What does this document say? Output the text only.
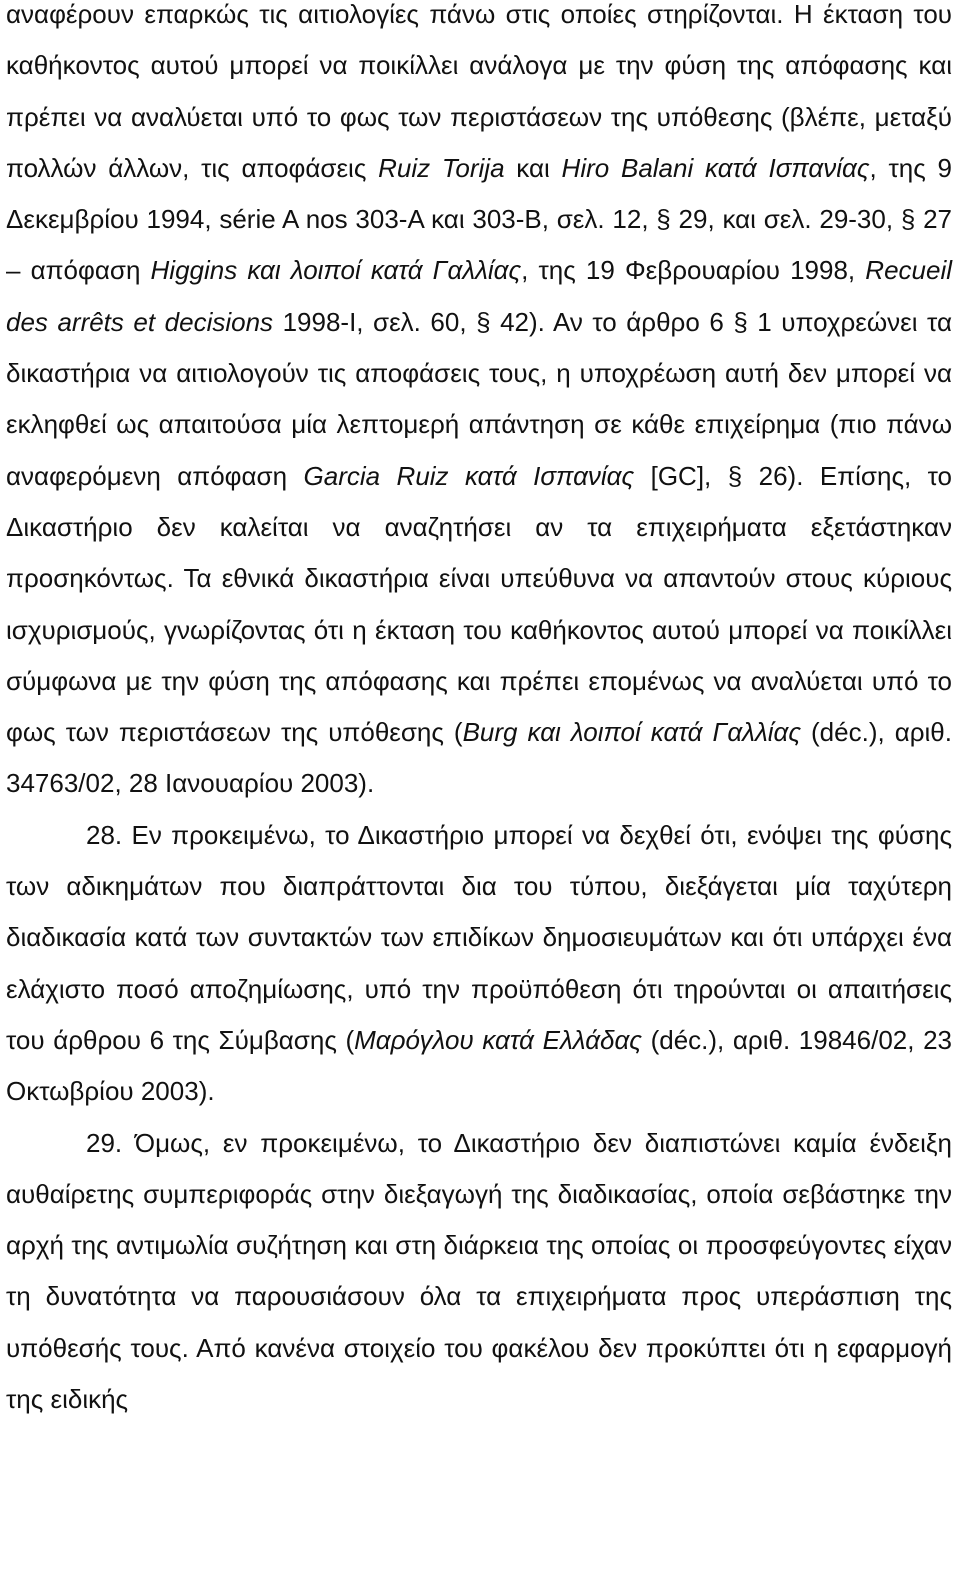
αναφέρουν επαρκώς τις αιτιολογίες πάνω στις οποίες στηρίζονται. Η έκταση του καθήκοντος αυτού μπορεί να ποικίλλει ανάλογα με την φύση της απόφασης και πρέπει να αναλύεται υπό το φως των περιστάσεων της υπόθεσης (βλέπε, μεταξύ πολλών άλλων, τις αποφάσεις Ruiz Torija και Hiro Balani κατά Ισπανίας, της 9 Δεκεμβρίου 1994, série A nos 303-A και 303-B, σελ. 12, § 29, και σελ. 29-30, § 27 – απόφαση Higgins και λοιποί κατά Γαλλίας, της 19 Φεβρουαρίου 1998, Recueil des arrêts et decisions 1998-I, σελ. 60, § 42). Αν το άρθρο 6 § 1 υποχρεώνει τα δικαστήρια να αιτιολογούν τις αποφάσεις τους, η υποχρέωση αυτή δεν μπορεί να εκληφθεί ως απαιτούσα μία λεπτομερή απάντηση σε κάθε επιχείρημα (πιο πάνω αναφερόμενη απόφαση Garcia Ruiz κατά Ισπανίας [GC], § 26). Επίσης, το Δικαστήριο δεν καλείται να αναζητήσει αν τα επιχειρήματα εξετάστηκαν προσηκόντως. Τα εθνικά δικαστήρια είναι υπεύθυνα να απαντούν στους κύριους ισχυρισμούς, γνωρίζοντας ότι η έκταση του καθήκοντος αυτού μπορεί να ποικίλλει σύμφωνα με την φύση της απόφασης και πρέπει επομένως να αναλύεται υπό το φως των περιστάσεων της υπόθεσης (Burg και λοιποί κατά Γαλλίας (déc.), αριθ. 34763/02, 28 Ιανουαρίου 2003).

28. Εν προκειμένω, το Δικαστήριο μπορεί να δεχθεί ότι, ενόψει της φύσης των αδικημάτων που διαπράττονται δια του τύπου, διεξάγεται μία ταχύτερη διαδικασία κατά των συντακτών των επιδίκων δημοσιευμάτων και ότι υπάρχει ένα ελάχιστο ποσό αποζημίωσης, υπό την προϋπόθεση ότι τηρούνται οι απαιτήσεις του άρθρου 6 της Σύμβασης (Μαρόγλου κατά Ελλάδας (déc.), αριθ. 19846/02, 23 Οκτωβρίου 2003).

29. Όμως, εν προκειμένω, το Δικαστήριο δεν διαπιστώνει καμία ένδειξη αυθαίρετης συμπεριφοράς στην διεξαγωγή της διαδικασίας, οποία σεβάστηκε την αρχή της αντιμωλία συζήτηση και στη διάρκεια της οποίας οι προσφεύγοντες είχαν τη δυνατότητα να παρουσιάσουν όλα τα επιχειρήματα προς υπεράσπιση της υπόθεσής τους. Από κανένα στοιχείο του φακέλου δεν προκύπτει ότι η εφαρμογή της ειδικής
